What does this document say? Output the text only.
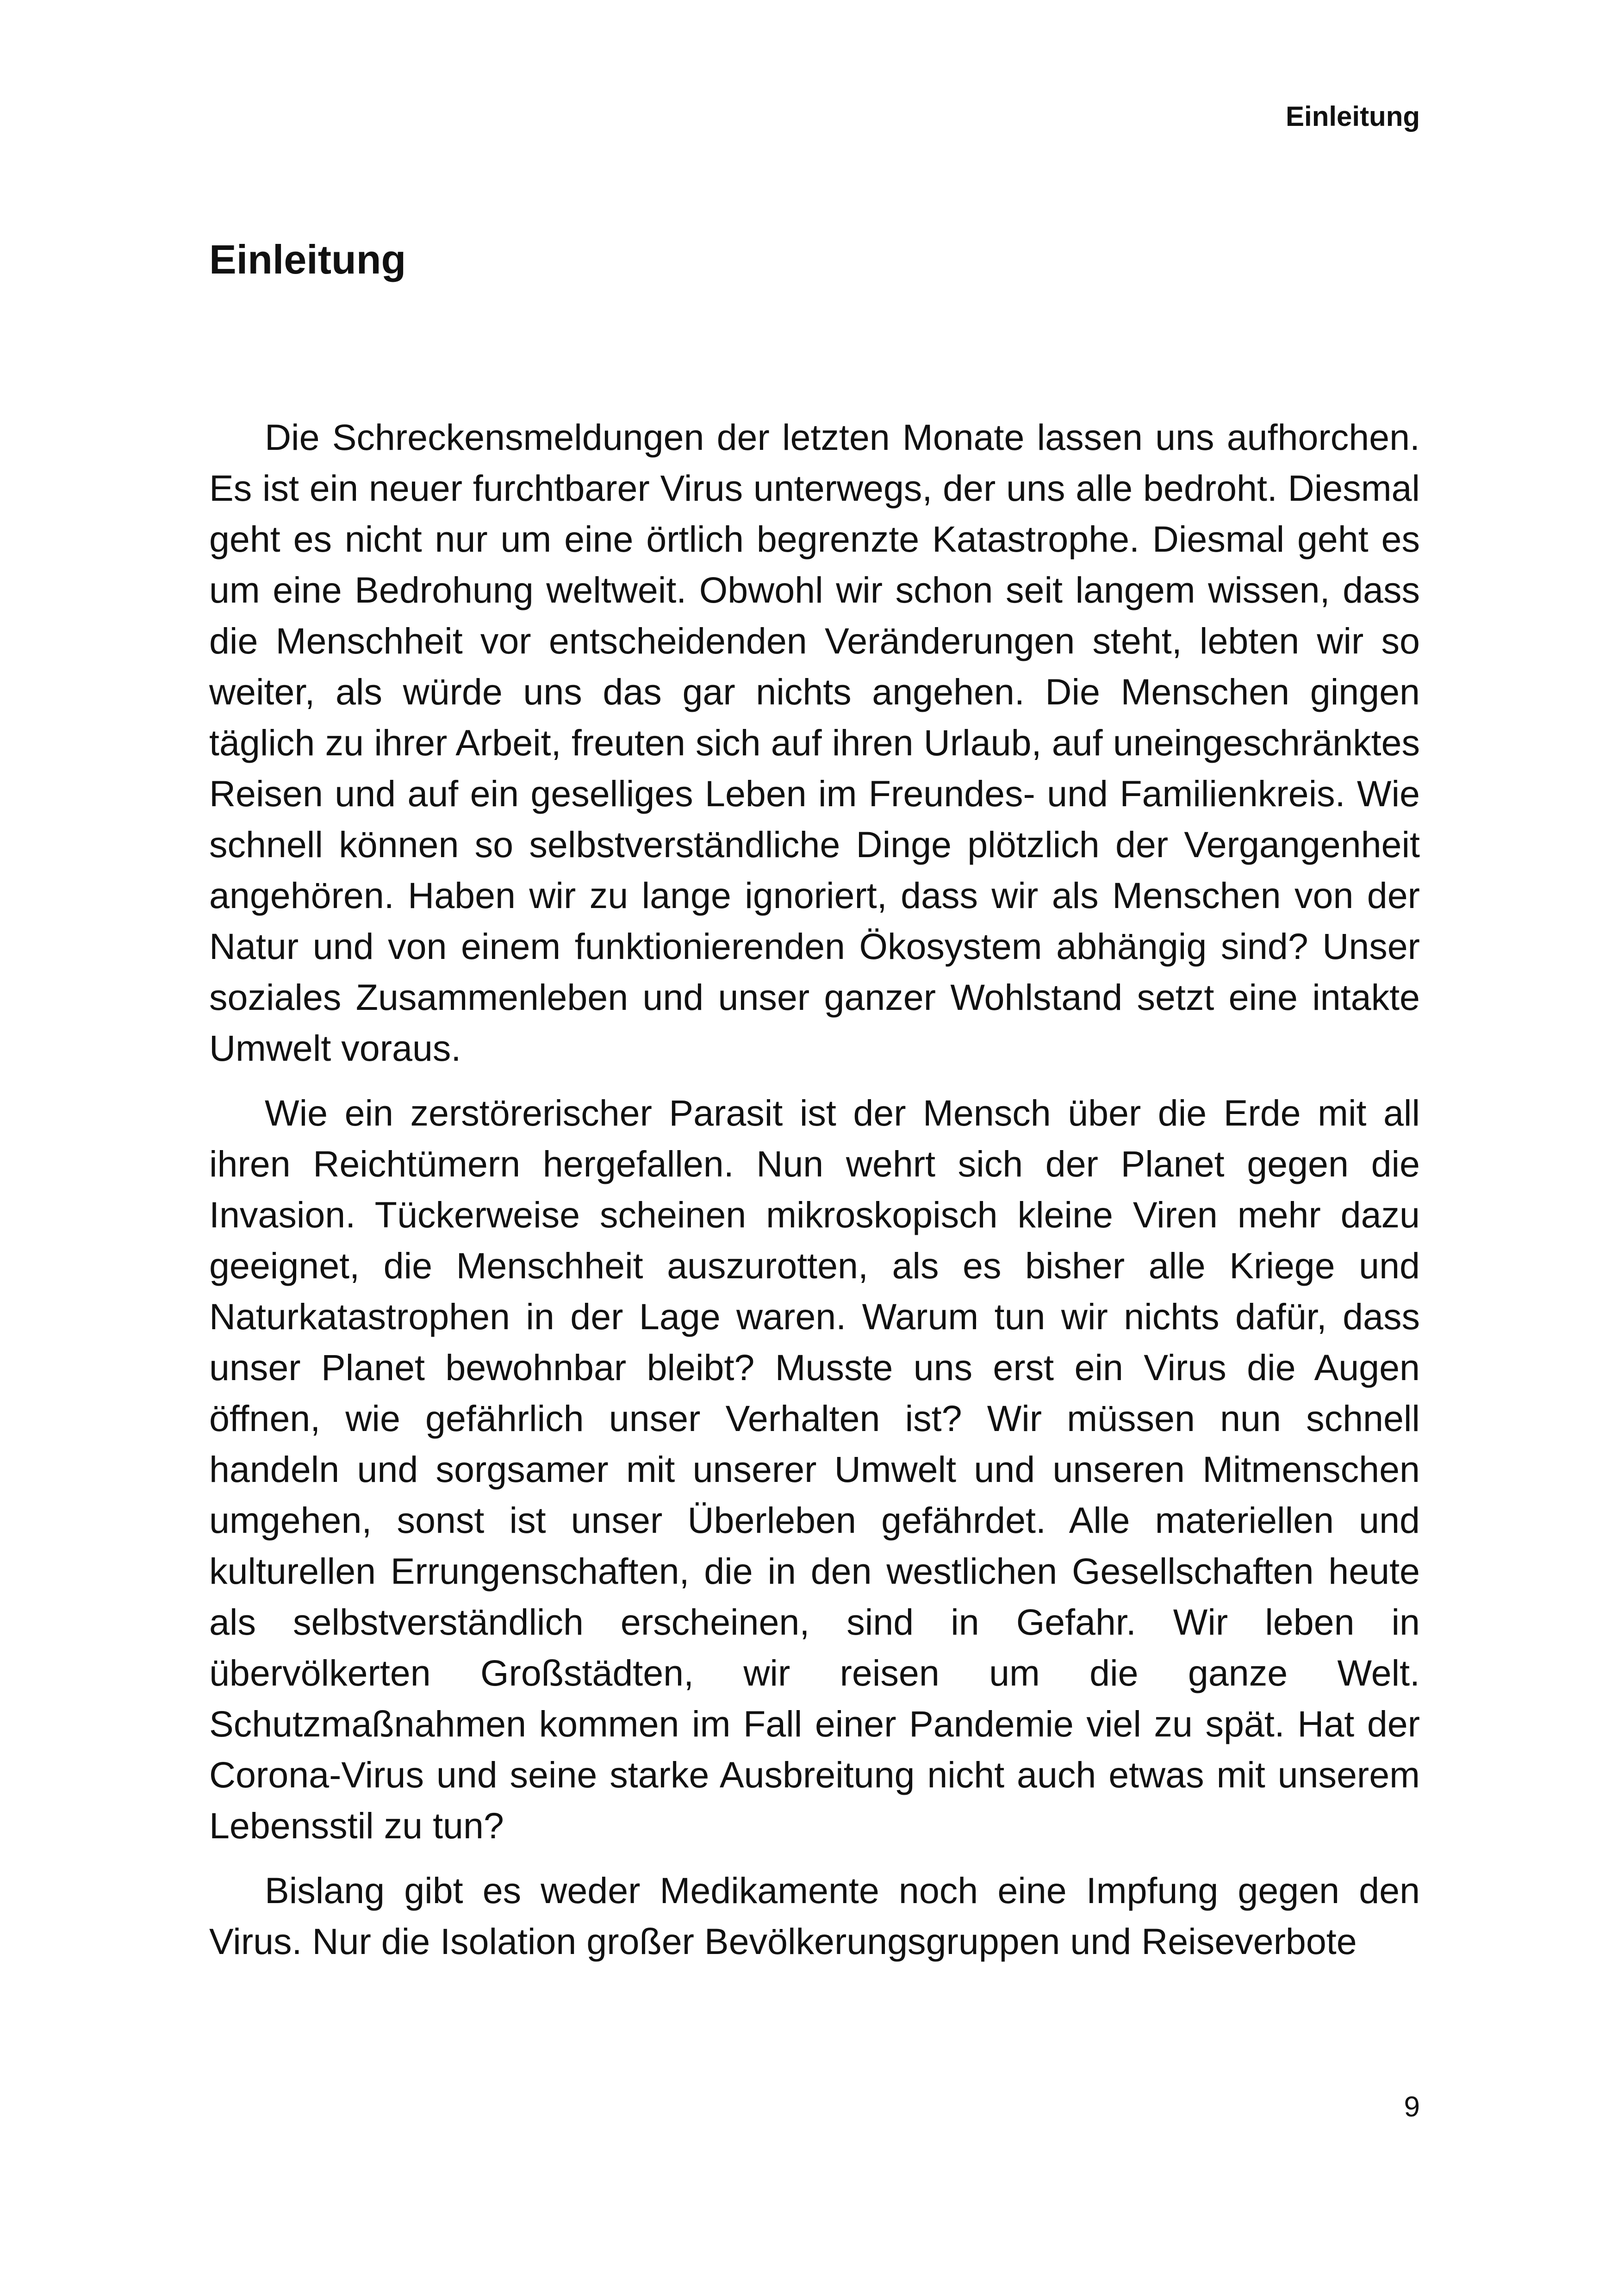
Einleitung
Einleitung

Die Schreckensmeldungen der letzten Monate lassen uns aufhorchen. Es ist ein neuer furchtbarer Virus unterwegs, der uns alle bedroht. Diesmal geht es nicht nur um eine örtlich begrenzte Katastrophe. Diesmal geht es um eine Bedrohung weltweit. Obwohl wir schon seit langem wissen, dass die Menschheit vor entscheidenden Veränderungen steht, lebten wir so weiter, als würde uns das gar nichts angehen. Die Menschen gingen täglich zu ihrer Arbeit, freuten sich auf ihren Urlaub, auf uneingeschränktes Reisen und auf ein geselliges Leben im Freundes- und Familienkreis. Wie schnell können so selbstverständliche Dinge plötzlich der Vergangenheit angehören. Haben wir zu lange ignoriert, dass wir als Menschen von der Natur und von einem funktionierenden Ökosystem abhängig sind? Unser soziales Zusammenleben und unser ganzer Wohlstand setzt eine intakte Umwelt voraus.

Wie ein zerstörerischer Parasit ist der Mensch über die Erde mit all ihren Reichtümern hergefallen. Nun wehrt sich der Planet gegen die Invasion. Tückerweise scheinen mikroskopisch kleine Viren mehr dazu geeignet, die Menschheit auszurotten, als es bisher alle Kriege und Naturkatastrophen in der Lage waren. Warum tun wir nichts dafür, dass unser Planet bewohnbar bleibt? Musste uns erst ein Virus die Augen öffnen, wie gefährlich unser Verhalten ist? Wir müssen nun schnell handeln und sorgsamer mit unserer Umwelt und unseren Mitmenschen umgehen, sonst ist unser Überleben gefährdet. Alle materiellen und kulturellen Errungenschaften, die in den westlichen Gesellschaften heute als selbstverständlich erscheinen, sind in Gefahr. Wir leben in übervölkerten Großstädten, wir reisen um die ganze Welt. Schutzmaßnahmen kommen im Fall einer Pandemie viel zu spät. Hat der Corona-Virus und seine starke Ausbreitung nicht auch etwas mit unserem Lebensstil zu tun?

Bislang gibt es weder Medikamente noch eine Impfung gegen den Virus. Nur die Isolation großer Bevölkerungsgruppen und Reiseverbote

9
